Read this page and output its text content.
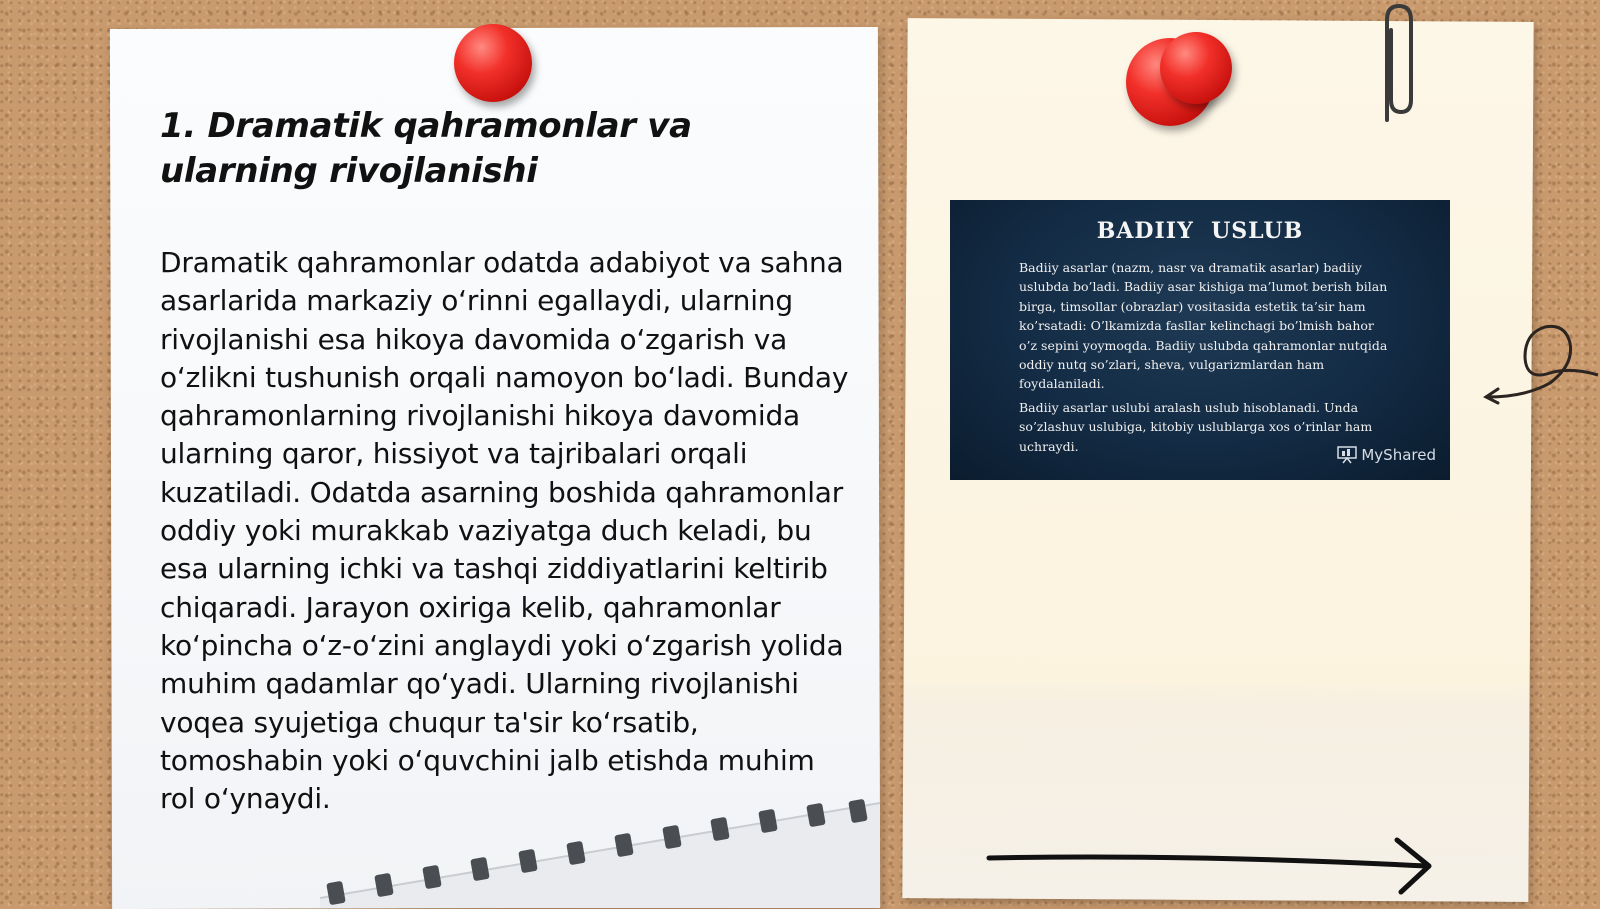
1. Dramatik qahramonlar va ularning rivojlanishi

Dramatik qahramonlar odatda adabiyot va sahna asarlarida markaziy o‘rinni egallaydi, ularning rivojlanishi esa hikoya davomida o‘zgarish va o‘zlikni tushunish orqali namoyon bo‘ladi. Bunday qahramonlarning rivojlanishi hikoya davomida ularning qaror, hissiyot va tajribalari orqali kuzatiladi. Odatda asarning boshida qahramonlar oddiy yoki murakkab vaziyatga duch keladi, bu esa ularning ichki va tashqi ziddiyatlarini keltirib chiqaradi. Jarayon oxiriga kelib, qahramonlar ko‘pincha o‘z-o‘zini anglaydi yoki o‘zgarish yolida muhim qadamlar qo‘yadi. Ularning rivojlanishi voqea syujetiga chuqur ta'sir ko‘rsatib, tomoshabin yoki o‘quvchini jalb etishda muhim rol o‘ynaydi.

BADIIY  USLUB

Badiiy asarlar (nazm, nasr va dramatik asarlar) badiiy uslubda bo’ladi. Badiiy asar kishiga ma’lumot berish bilan birga, timsollar (obrazlar) vositasida estetik ta’sir ham ko’rsatadi: O’lkamizda fasllar kelinchagi bo’lmish bahor o’z sepini yoymoqda. Badiiy uslubda qahramonlar nutqida oddiy nutq so’zlari, sheva, vulgarizmlardan ham foydalaniladi.

Badiiy asarlar uslubi aralash uslub hisoblanadi. Unda so’zlashuv uslubiga, kitobiy uslublarga xos o’rinlar ham uchraydi.	MyShared
